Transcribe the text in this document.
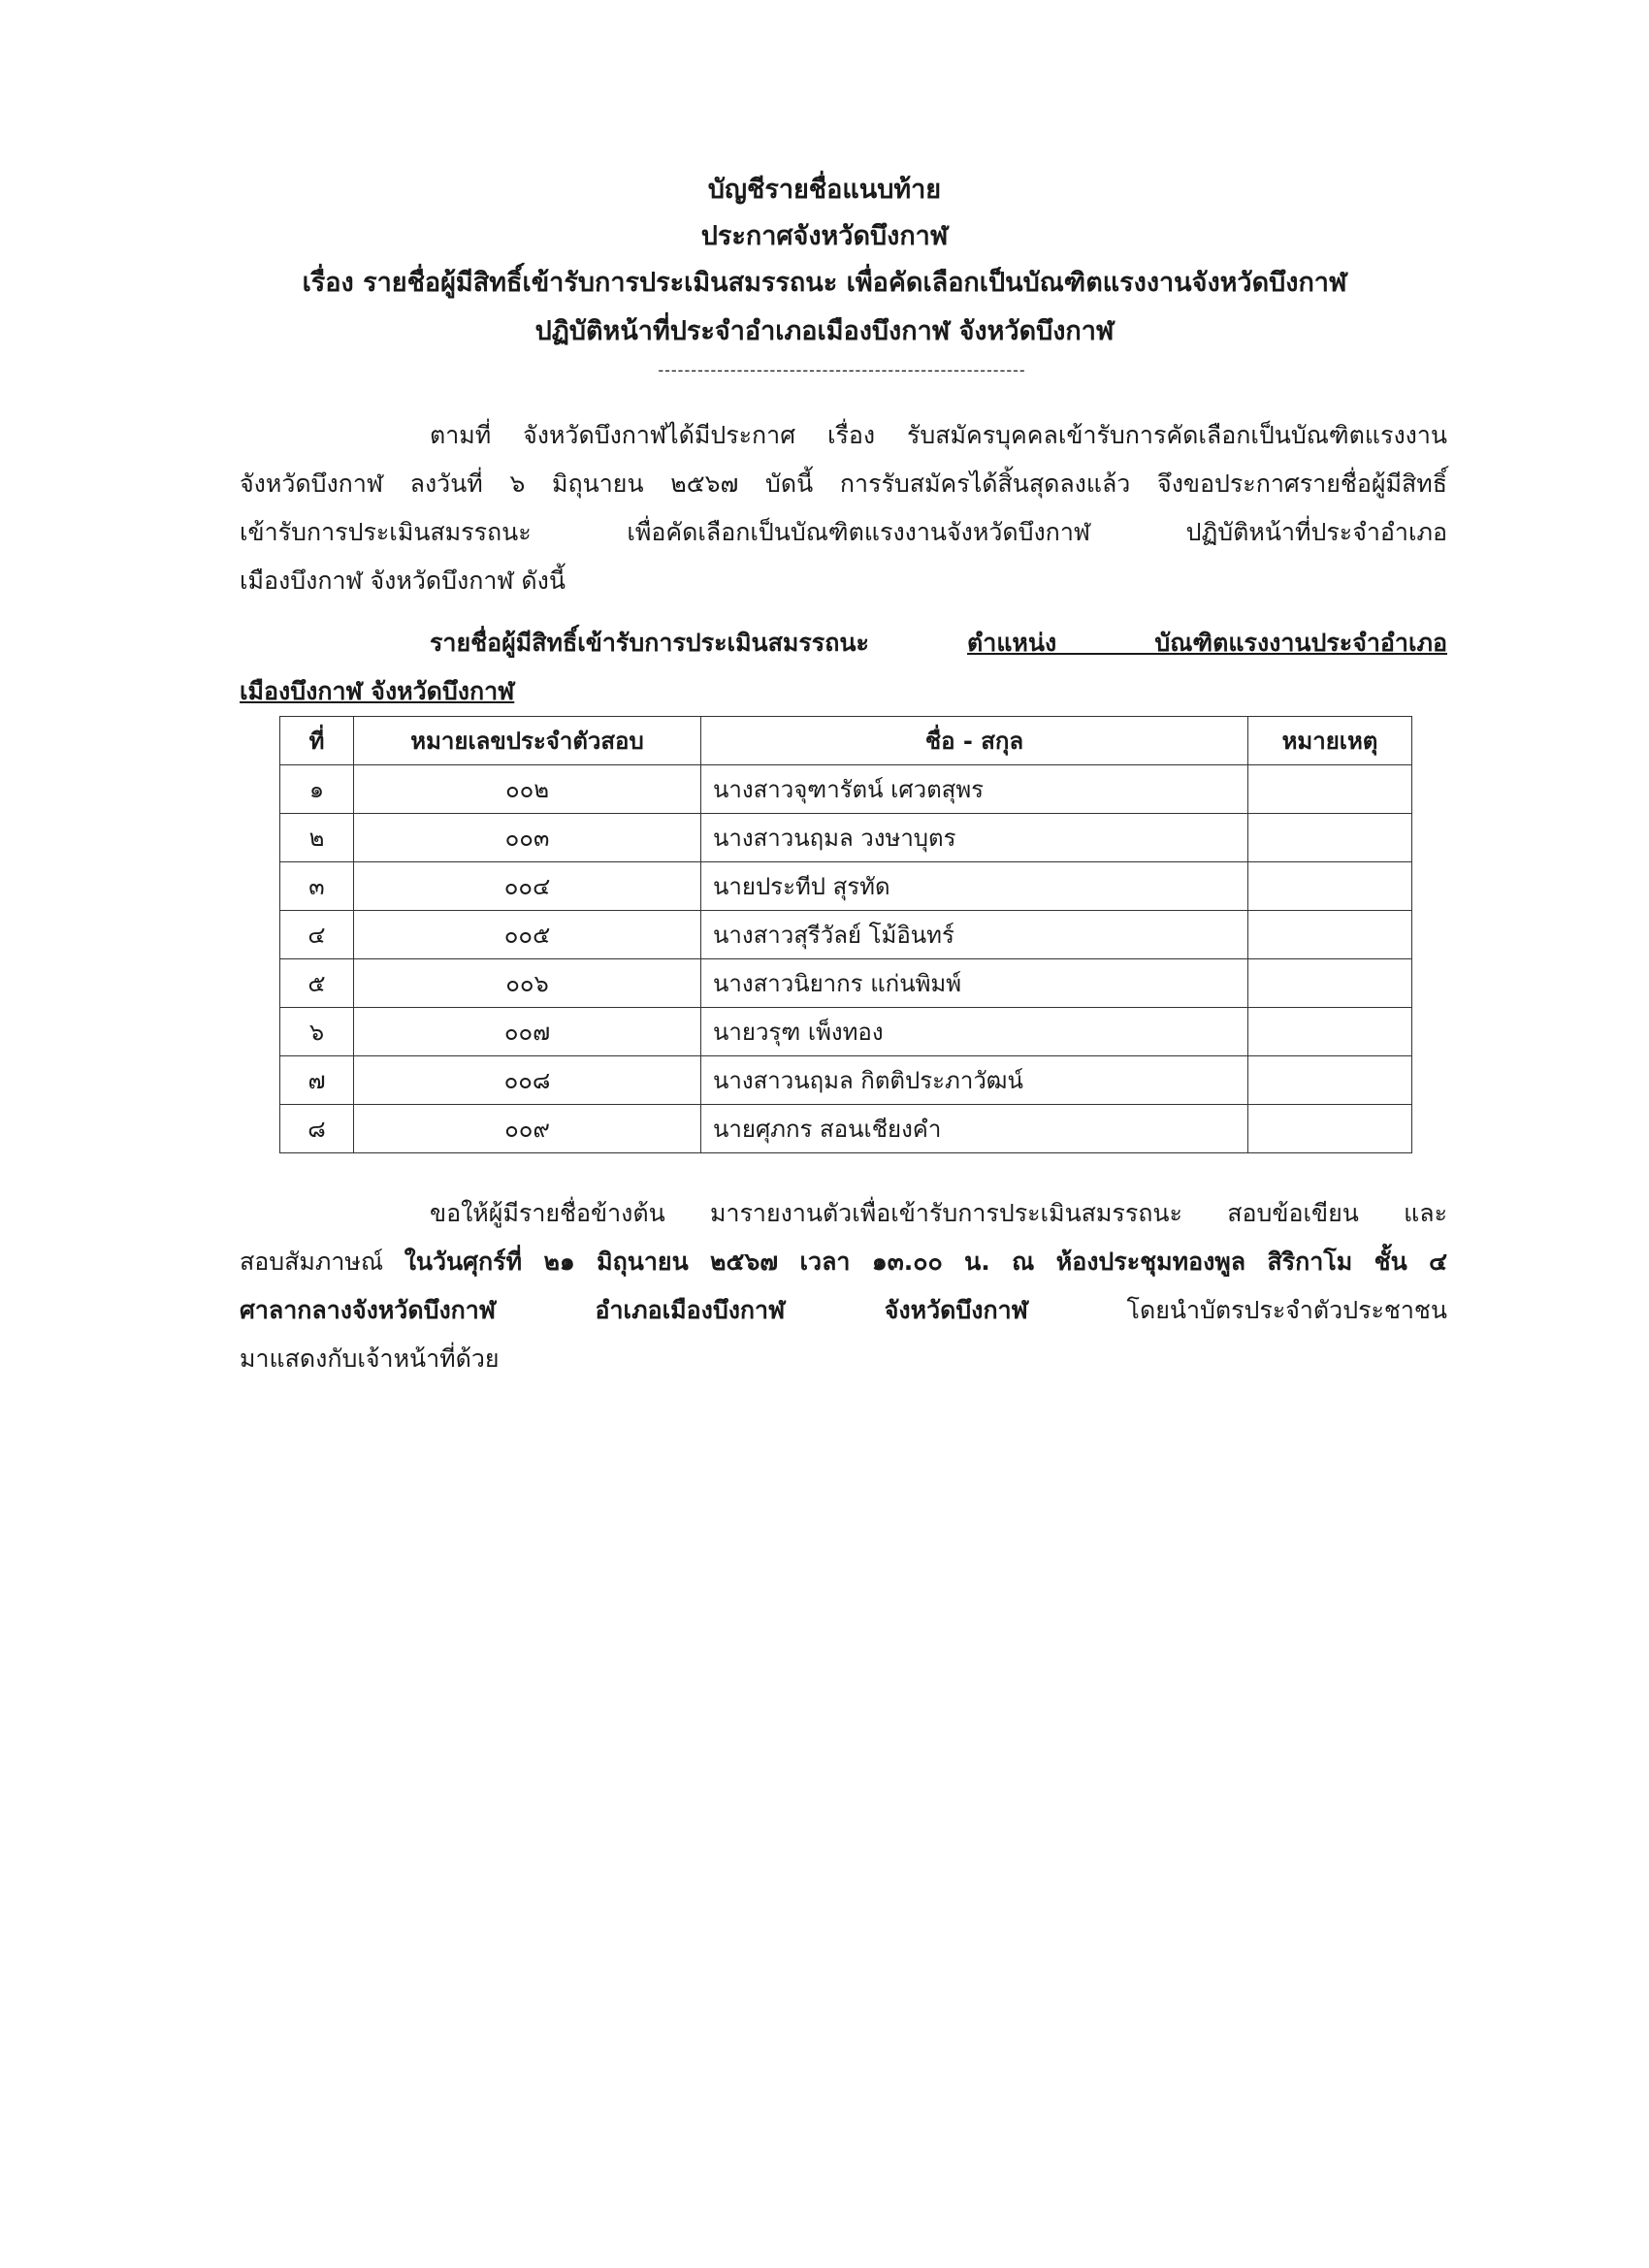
บัญชีรายชื่อแนบท้าย
ประกาศจังหวัดบึงกาฬ
เรื่อง รายชื่อผู้มีสิทธิ์เข้ารับการประเมินสมรรถนะ เพื่อคัดเลือกเป็นบัณฑิตแรงงานจังหวัดบึงกาฬ
ปฏิบัติหน้าที่ประจำอำเภอเมืองบึงกาฬ จังหวัดบึงกาฬ
--------------------------------------------------------
ตามที่ จังหวัดบึงกาฬได้มีประกาศ เรื่อง รับสมัครบุคคลเข้ารับการคัดเลือกเป็นบัณฑิตแรงงาน
จังหวัดบึงกาฬ ลงวันที่ ๖ มิถุนายน ๒๕๖๗ บัดนี้ การรับสมัครได้สิ้นสุดลงแล้ว จึงขอประกาศรายชื่อผู้มีสิทธิ์
เข้ารับการประเมินสมรรถนะ เพื่อคัดเลือกเป็นบัณฑิตแรงงานจังหวัดบึงกาฬ ปฏิบัติหน้าที่ประจำอำเภอ
เมืองบึงกาฬ จังหวัดบึงกาฬ ดังนี้
รายชื่อผู้มีสิทธิ์เข้ารับการประเมินสมรรถนะ	ตำแหน่ง บัณฑิตแรงงานประจำอำเภอ
เมืองบึงกาฬ จังหวัดบึงกาฬ
ที่	หมายเลขประจำตัวสอบ	ชื่อ - สกุล	หมายเหตุ
๑	๐๐๒	นางสาวจุฑารัตน์ เศวตสุพร	
๒	๐๐๓	นางสาวนฤมล วงษาบุตร	
๓	๐๐๔	นายประทีป สุรทัด	
๔	๐๐๕	นางสาวสุรีวัลย์ โม้อินทร์	
๕	๐๐๖	นางสาวนิยากร แก่นพิมพ์	
๖	๐๐๗	นายวรุฑ เพ็งทอง	
๗	๐๐๘	นางสาวนฤมล กิตติประภาวัฒน์	
๘	๐๐๙	นายศุภกร สอนเชียงคำ	
ขอให้ผู้มีรายชื่อข้างต้น มารายงานตัวเพื่อเข้ารับการประเมินสมรรถนะ สอบข้อเขียน และ
สอบสัมภาษณ์ ในวันศุกร์ที่ ๒๑ มิถุนายน ๒๕๖๗ เวลา ๑๓.๐๐ น. ณ ห้องประชุมทองพูล สิริกาโม ชั้น ๔
ศาลากลางจังหวัดบึงกาฬ อำเภอเมืองบึงกาฬ จังหวัดบึงกาฬ	โดยนำบัตรประจำตัวประชาชน
มาแสดงกับเจ้าหน้าที่ด้วย
